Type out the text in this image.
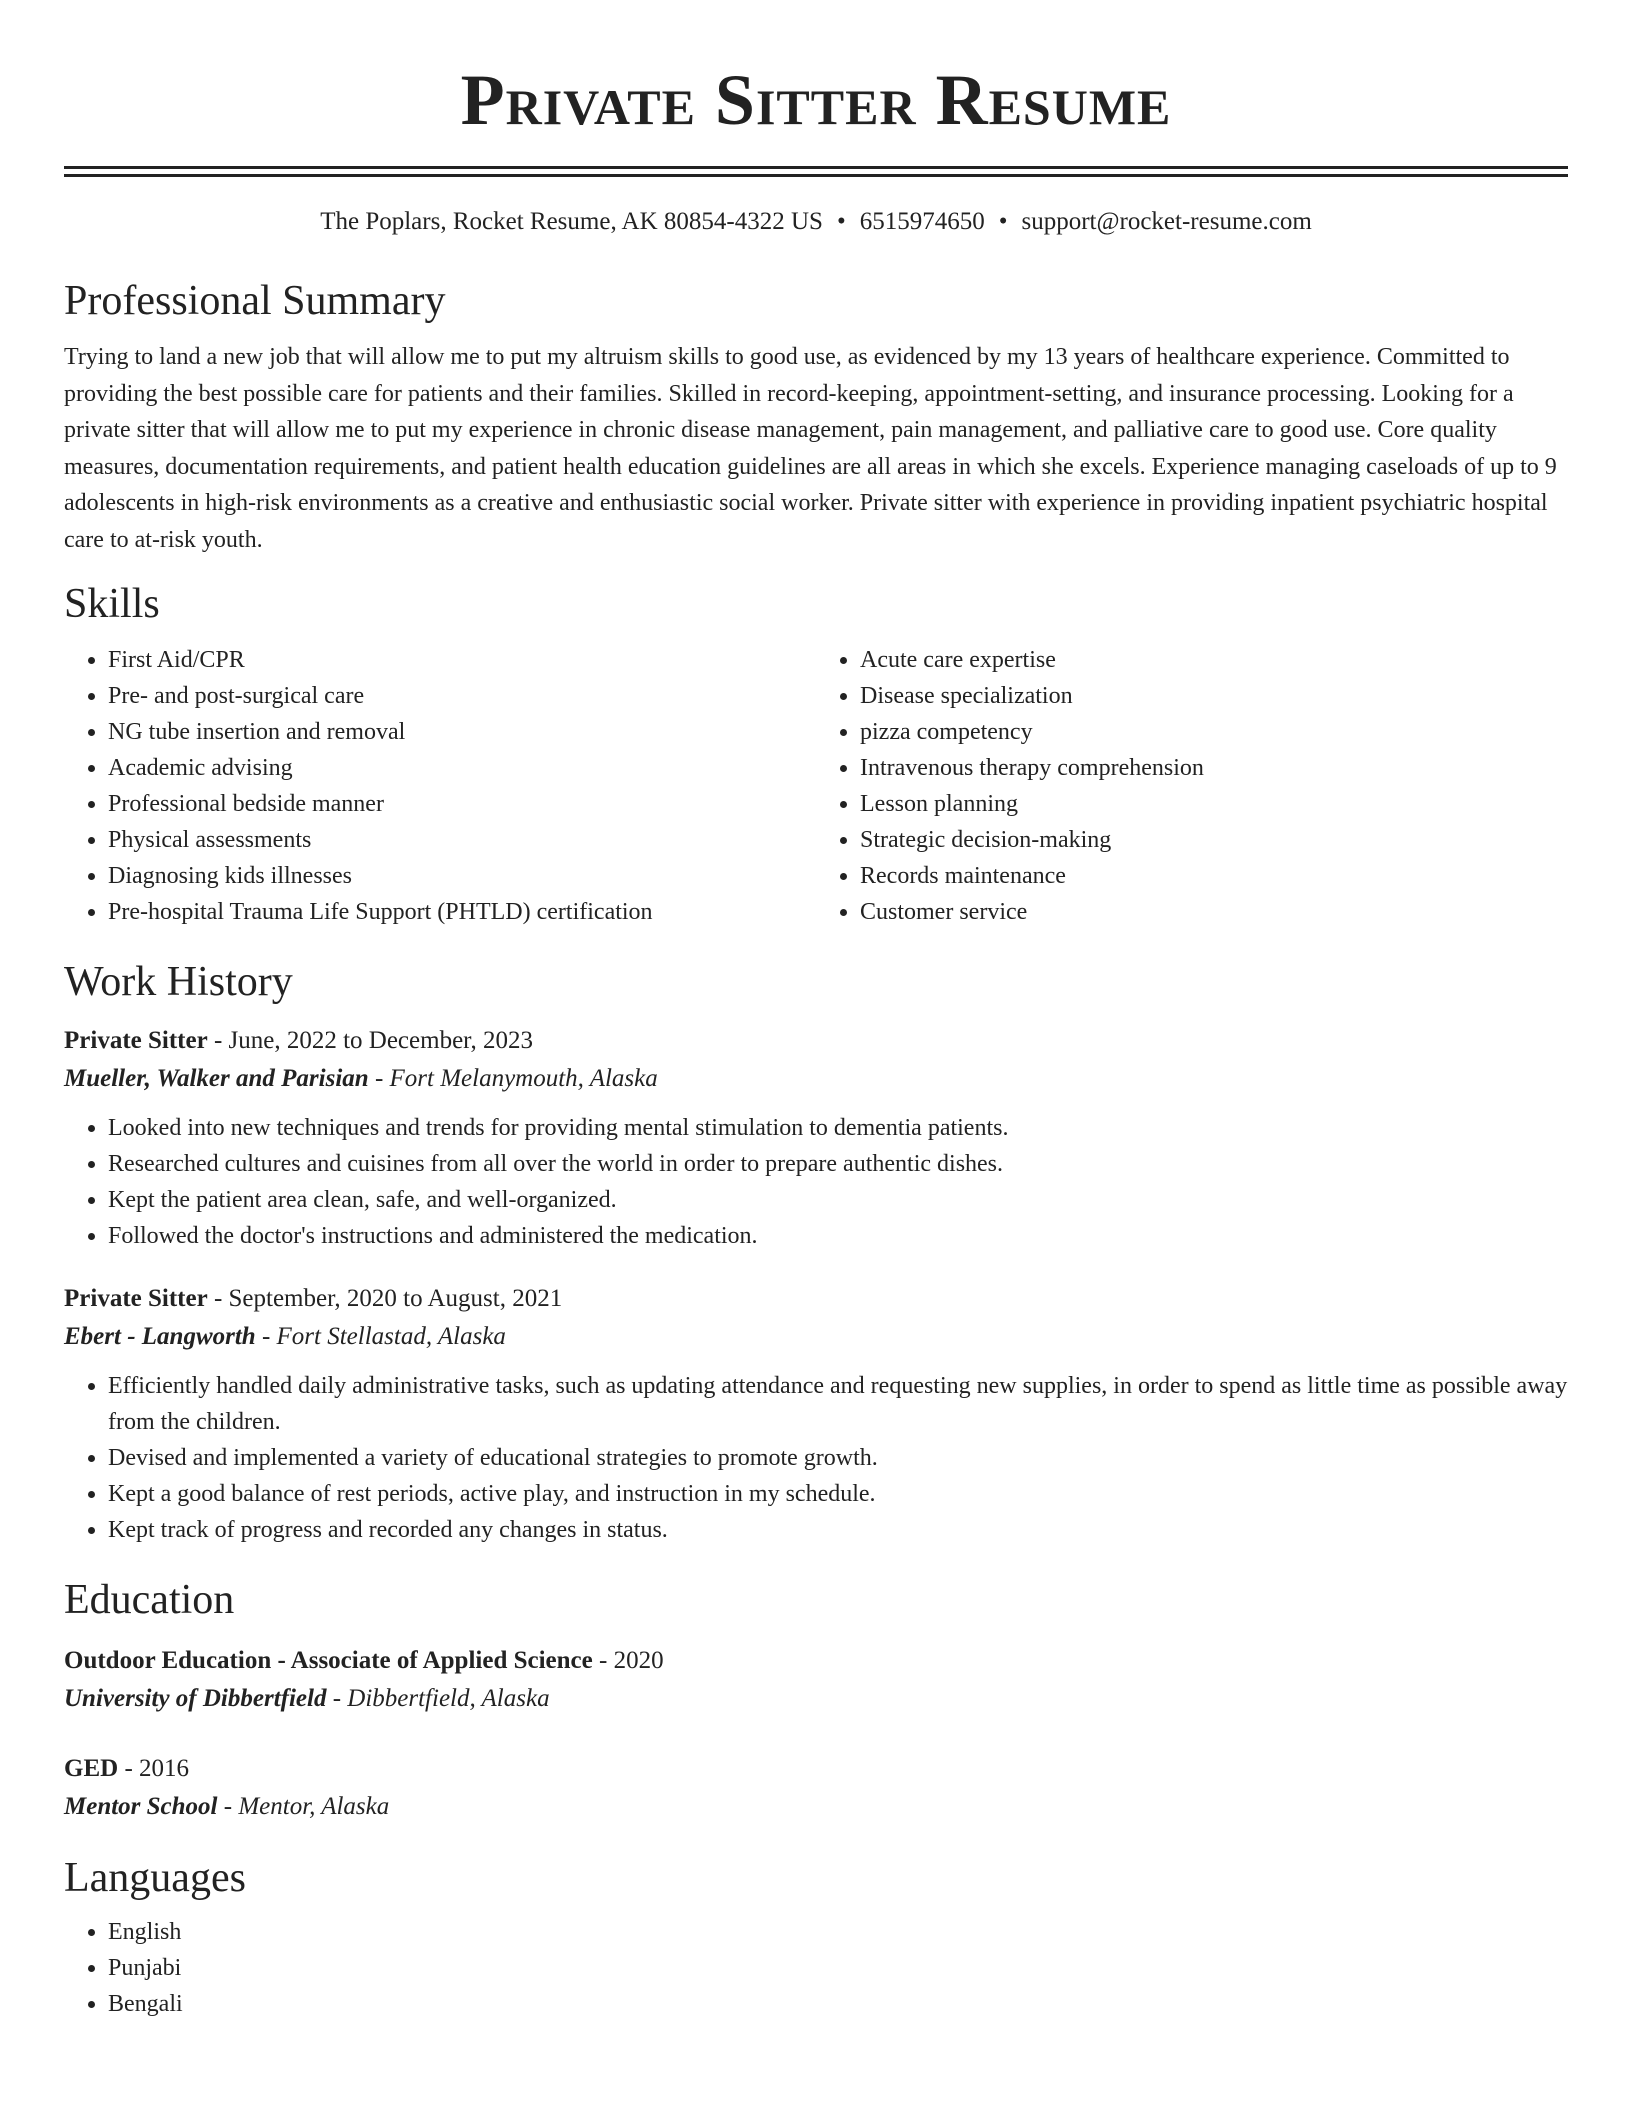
Private Sitter Resume
The Poplars, Rocket Resume, AK 80854-4322 US • 6515974650 • support@rocket-resume.com
Professional Summary

Trying to land a new job that will allow me to put my altruism skills to good use, as evidenced by my 13 years of healthcare experience. Committed to providing the best possible care for patients and their families. Skilled in record-keeping, appointment-setting, and insurance processing. Looking for a private sitter that will allow me to put my experience in chronic disease management, pain management, and palliative care to good use. Core quality measures, documentation requirements, and patient health education guidelines are all areas in which she excels. Experience managing caseloads of up to 9 adolescents in high-risk environments as a creative and enthusiastic social worker. Private sitter with experience in providing inpatient psychiatric hospital care to at-risk youth.

Skills
• First Aid/CPR
• Pre- and post-surgical care
• NG tube insertion and removal
• Academic advising
• Professional bedside manner
• Physical assessments
• Diagnosing kids illnesses
• Pre-hospital Trauma Life Support (PHTLD) certification
• Acute care expertise
• Disease specialization
• pizza competency
• Intravenous therapy comprehension
• Lesson planning
• Strategic decision-making
• Records maintenance
• Customer service
Work History
Private Sitter - June, 2022 to December, 2023
Mueller, Walker and Parisian - Fort Melanymouth, Alaska
• Looked into new techniques and trends for providing mental stimulation to dementia patients.
• Researched cultures and cuisines from all over the world in order to prepare authentic dishes.
• Kept the patient area clean, safe, and well-organized.
• Followed the doctor's instructions and administered the medication.
Private Sitter - September, 2020 to August, 2021
Ebert - Langworth - Fort Stellastad, Alaska
• Efficiently handled daily administrative tasks, such as updating attendance and requesting new supplies, in order to spend as little time as possible away from the children.
• Devised and implemented a variety of educational strategies to promote growth.
• Kept a good balance of rest periods, active play, and instruction in my schedule.
• Kept track of progress and recorded any changes in status.
Education
Outdoor Education - Associate of Applied Science - 2020
University of Dibbertfield - Dibbertfield, Alaska
GED - 2016
Mentor School - Mentor, Alaska
Languages
• English
• Punjabi
• Bengali
